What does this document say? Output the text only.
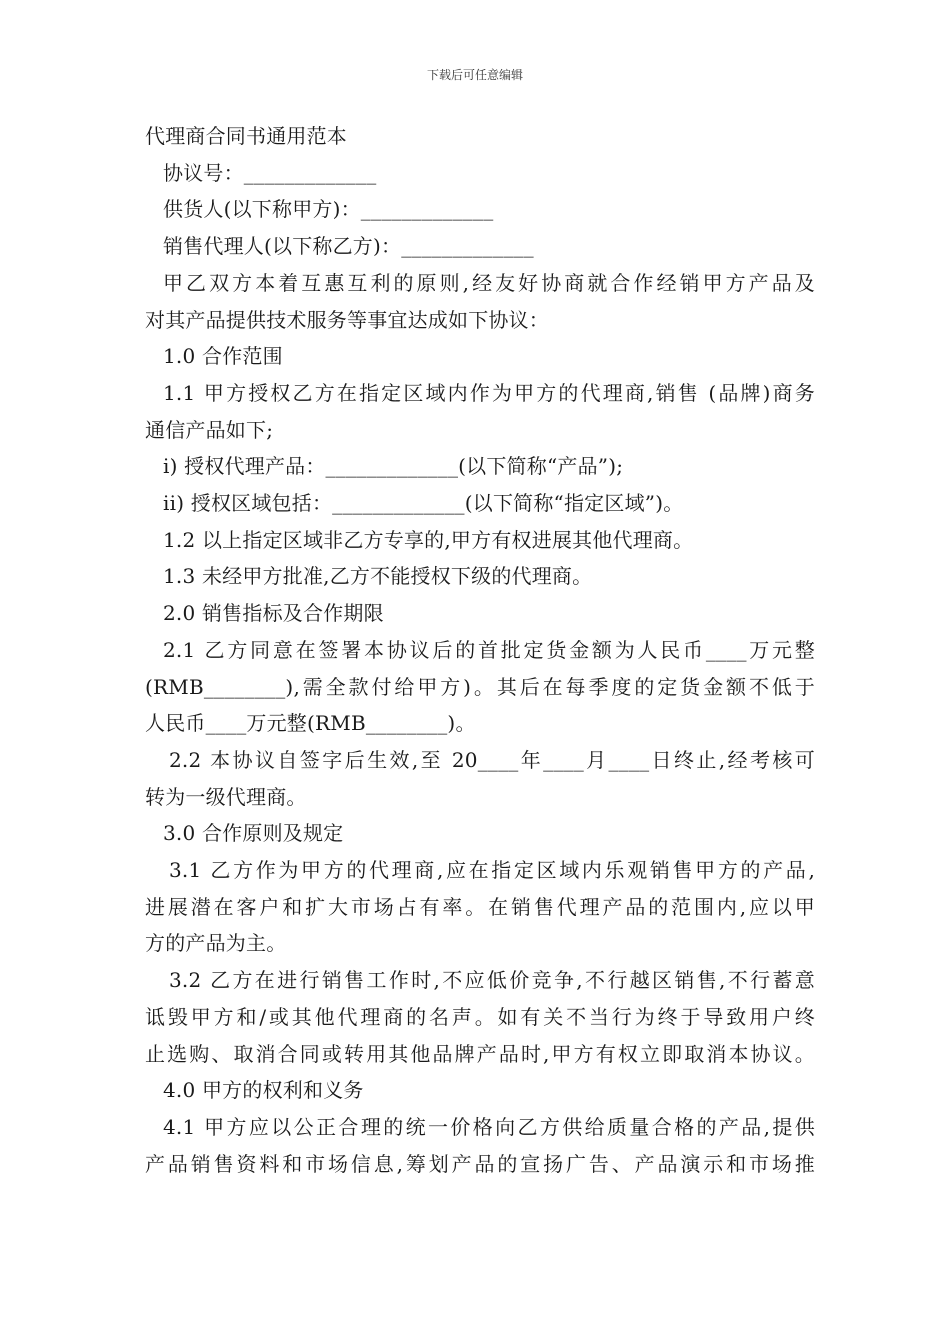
下载后可任意编辑
代理商合同书通用范本
协议号：_____________
供货人(以下称甲方)：_____________
销售代理人(以下称乙方)：_____________
甲乙双方本着互惠互利的原则,经友好协商就合作经销甲方产品及
对其产品提供技术服务等事宜达成如下协议：
1.0 合作范围
1.1 甲方授权乙方在指定区域内作为甲方的代理商,销售 (品牌)商务
通信产品如下;
i) 授权代理产品：_____________(以下简称“产品”);
ii) 授权区域包括：_____________(以下简称“指定区域”)。
1.2 以上指定区域非乙方专享的,甲方有权进展其他代理商。
1.3 未经甲方批准,乙方不能授权下级的代理商。
2.0 销售指标及合作期限
2.1 乙方同意在签署本协议后的首批定货金额为人民币____万元整
(RMB________),需全款付给甲方)。其后在每季度的定货金额不低于
人民币____万元整(RMB________)。
2.2 本协议自签字后生效,至 20____年____月____日终止,经考核可
转为一级代理商。
3.0 合作原则及规定
3.1 乙方作为甲方的代理商,应在指定区域内乐观销售甲方的产品,
进展潜在客户和扩大市场占有率。在销售代理产品的范围内,应以甲
方的产品为主。
3.2 乙方在进行销售工作时,不应低价竞争,不行越区销售,不行蓄意
诋毁甲方和/或其他代理商的名声。如有关不当行为终于导致用户终
止选购、取消合同或转用其他品牌产品时,甲方有权立即取消本协议。
4.0 甲方的权利和义务
4.1 甲方应以公正合理的统一价格向乙方供给质量合格的产品,提供
产品销售资料和市场信息,筹划产品的宣扬广告、产品演示和市场推
